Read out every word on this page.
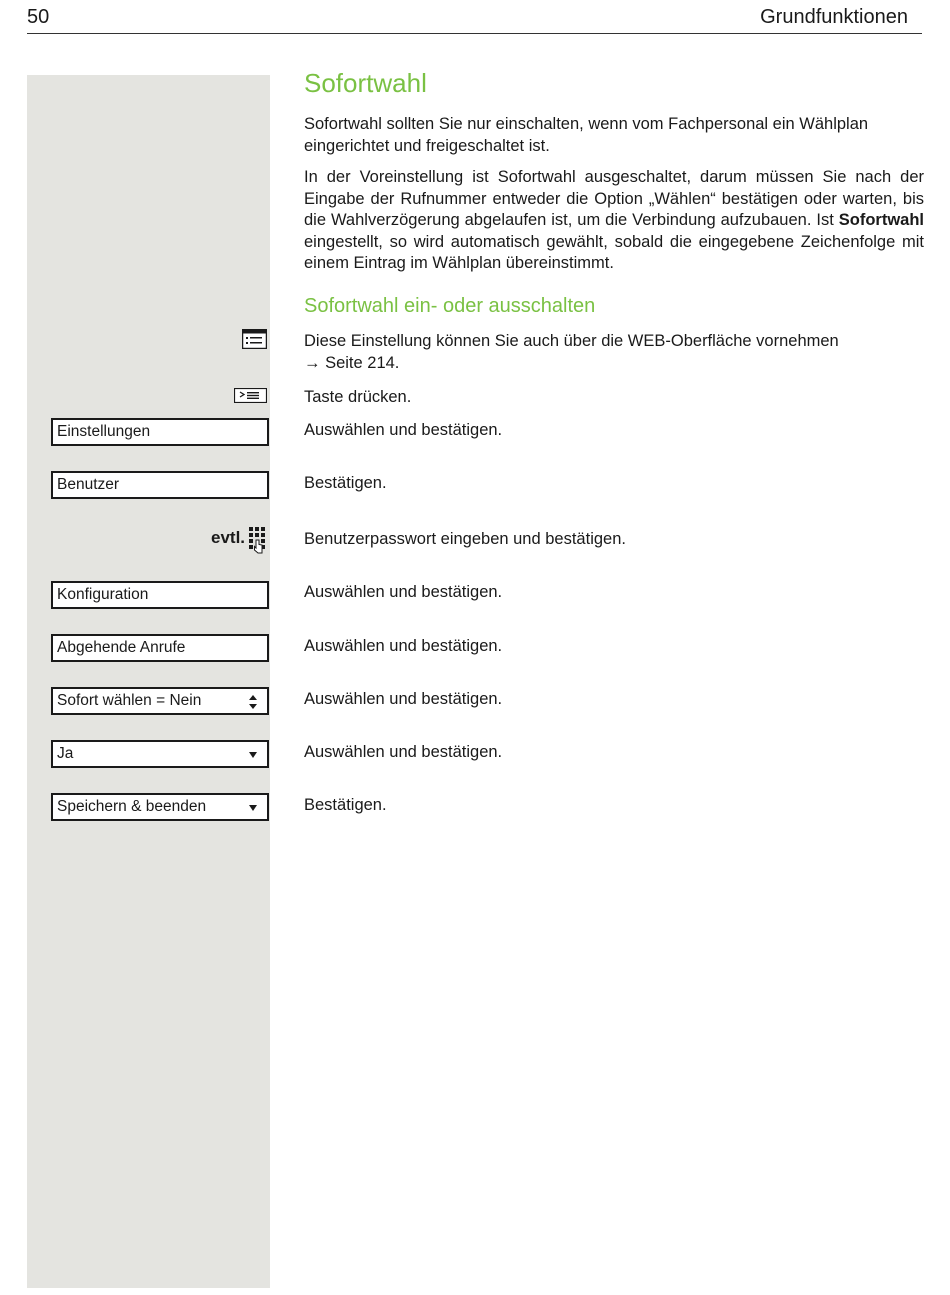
50	Grundfunktionen
Sofortwahl

Sofortwahl sollten Sie nur einschalten, wenn vom Fachpersonal ein Wählplan eingerichtet und freigeschaltet ist.

In der Voreinstellung ist Sofortwahl ausgeschaltet, darum müssen Sie nach der Eingabe der Rufnummer entweder die Option „Wählen“ bestätigen oder warten, bis die Wahlverzögerung abgelaufen ist, um die Verbindung aufzubauen. Ist Sofortwahl eingestellt, so wird automatisch gewählt, sobald die eingegebene Zeichenfolge mit einem Eintrag im Wählplan übereinstimmt.

Sofortwahl ein- oder ausschalten
Diese Einstellung können Sie auch über die WEB-Oberfläche vornehmen
→ Seite 214.
Taste drücken.
Einstellungen	Auswählen und bestätigen.
Benutzer	Bestätigen.
evtl.	Benutzerpasswort eingeben und bestätigen.
Konfiguration	Auswählen und bestätigen.
Abgehende Anrufe	Auswählen und bestätigen.
Sofort wählen = Nein	Auswählen und bestätigen.
Ja	Auswählen und bestätigen.
Speichern & beenden	Bestätigen.
